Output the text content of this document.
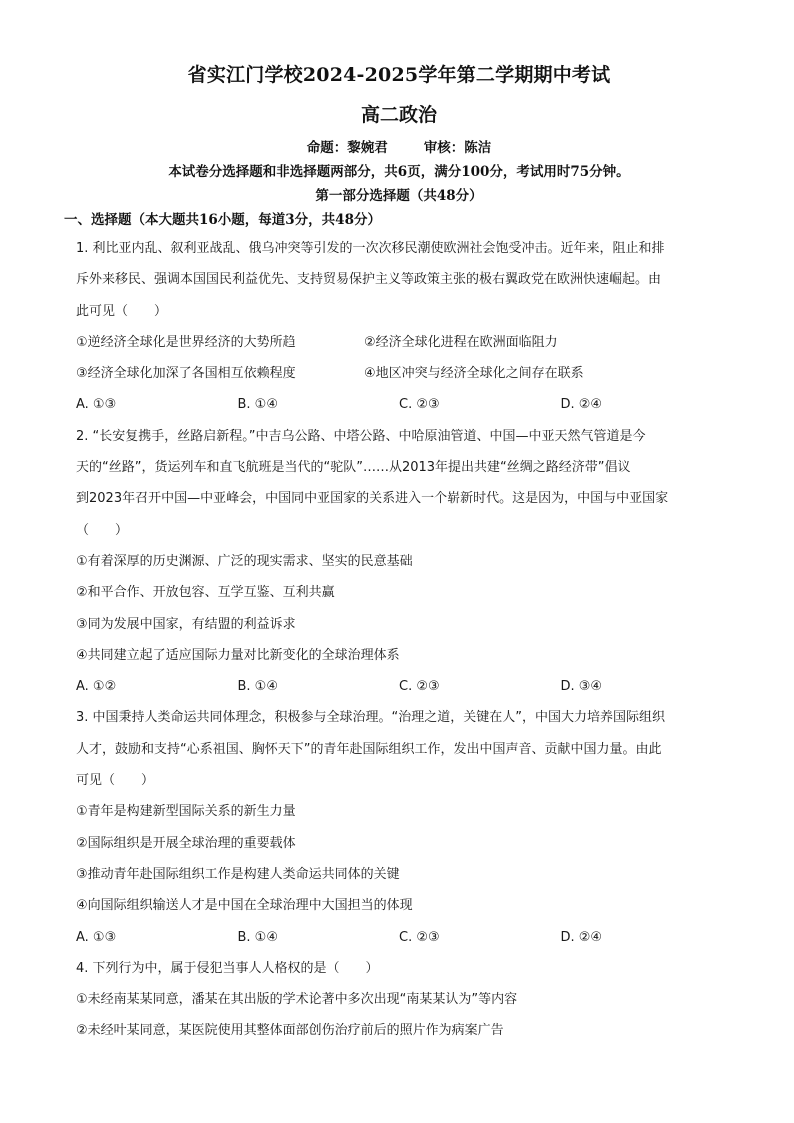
省实江门学校2024-2025学年第二学期期中考试
高二政治
命题：黎婉君	审核：陈洁
本试卷分选择题和非选择题两部分，共6页，满分100分，考试用时75分钟。
第一部分选择题（共48分）
一、选择题（本大题共16小题，每道3分，共48分）

1. 利比亚内乱、叙利亚战乱、俄乌冲突等引发的一次次移民潮使欧洲社会饱受冲击。近年来，阻止和排

斥外来移民、强调本国国民利益优先、支持贸易保护主义等政策主张的极右翼政党在欧洲快速崛起。由

此可见（　　）

①逆经济全球化是世界经济的大势所趋	②经济全球化进程在欧洲面临阻力
③经济全球化加深了各国相互依赖程度	④地区冲突与经济全球化之间存在联系
A. ①③	B. ①④	C. ②③	D. ②④

2. “长安复携手，丝路启新程。”中吉乌公路、中塔公路、中哈原油管道、中国—中亚天然气管道是今

天的“丝路”，货运列车和直飞航班是当代的“驼队”……从2013年提出共建“丝绸之路经济带”倡议

到2023年召开中国—中亚峰会，中国同中亚国家的关系进入一个崭新时代。这是因为，中国与中亚国家

（　　）

①有着深厚的历史渊源、广泛的现实需求、坚实的民意基础

②和平合作、开放包容、互学互鉴、互利共赢

③同为发展中国家，有结盟的利益诉求

④共同建立起了适应国际力量对比新变化的全球治理体系

A. ①②	B. ①④	C. ②③	D. ③④

3. 中国秉持人类命运共同体理念，积极参与全球治理。“治理之道，关键在人”，中国大力培养国际组织

人才，鼓励和支持“心系祖国、胸怀天下”的青年赴国际组织工作，发出中国声音、贡献中国力量。由此

可见（　　）

①青年是构建新型国际关系的新生力量

②国际组织是开展全球治理的重要载体

③推动青年赴国际组织工作是构建人类命运共同体的关键

④向国际组织输送人才是中国在全球治理中大国担当的体现

A. ①③	B. ①④	C. ②③	D. ②④

4. 下列行为中，属于侵犯当事人人格权的是（　　）

①未经南某某同意，潘某在其出版的学术论著中多次出现“南某某认为”等内容

②未经叶某同意，某医院使用其整体面部创伤治疗前后的照片作为病案广告
